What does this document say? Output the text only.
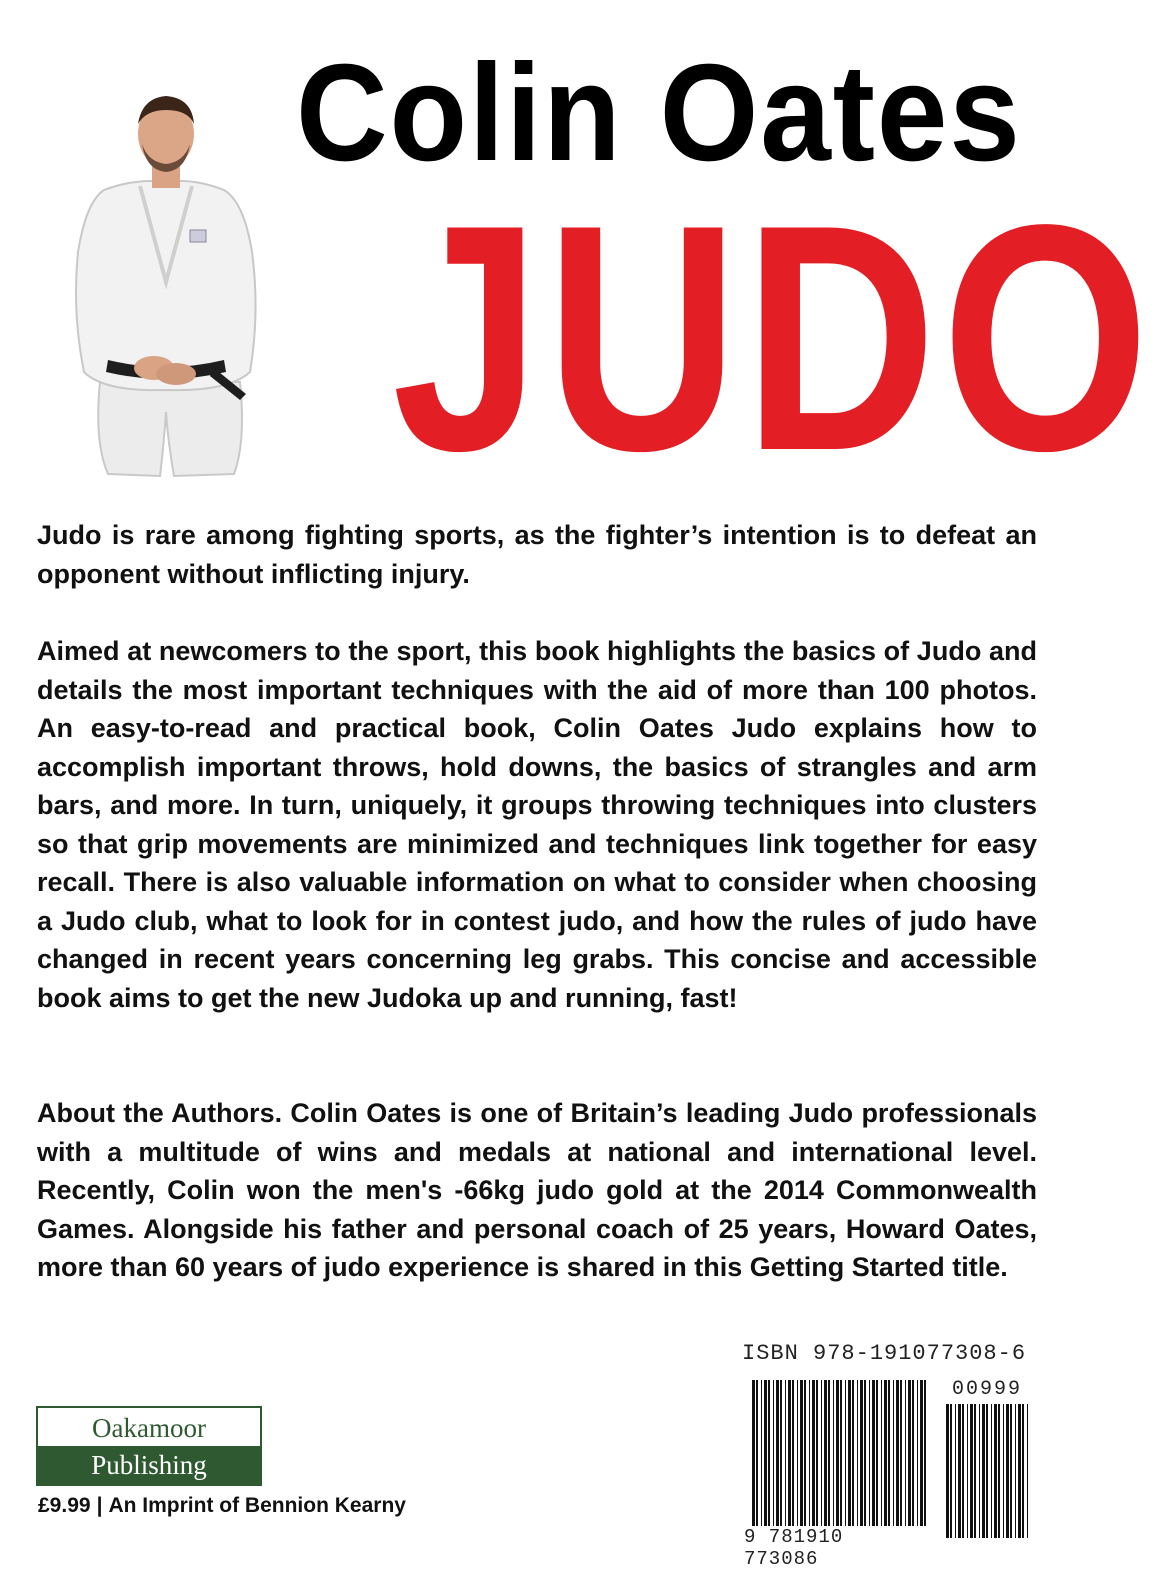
Colin Oates
JUDO

Judo is rare among fighting sports, as the fighter’s intention is to defeat an opponent without inflicting injury.

Aimed at newcomers to the sport, this book highlights the basics of Judo and details the most important techniques with the aid of more than 100 photos. An easy-to-read and practical book, Colin Oates Judo explains how to accomplish important throws, hold downs, the basics of strangles and arm bars, and more. In turn, uniquely, it groups throwing techniques into clusters so that grip movements are minimized and techniques link together for easy recall. There is also valuable information on what to consider when choosing a Judo club, what to look for in contest judo, and how the rules of judo have changed in recent years concerning leg grabs. This concise and accessible book aims to get the new Judoka up and running, fast!

About the Authors. Colin Oates is one of Britain’s leading Judo professionals with a multitude of wins and medals at national and international level. Recently, Colin won the men's -66kg judo gold at the 2014 Commonwealth Games. Alongside his father and personal coach of 25 years, Howard Oates, more than 60 years of judo experience is shared in this Getting Started title.

ISBN 978-191077308-6
00999
9 781910 773086
Oakamoor
Publishing
£9.99 | An Imprint of Bennion Kearny
